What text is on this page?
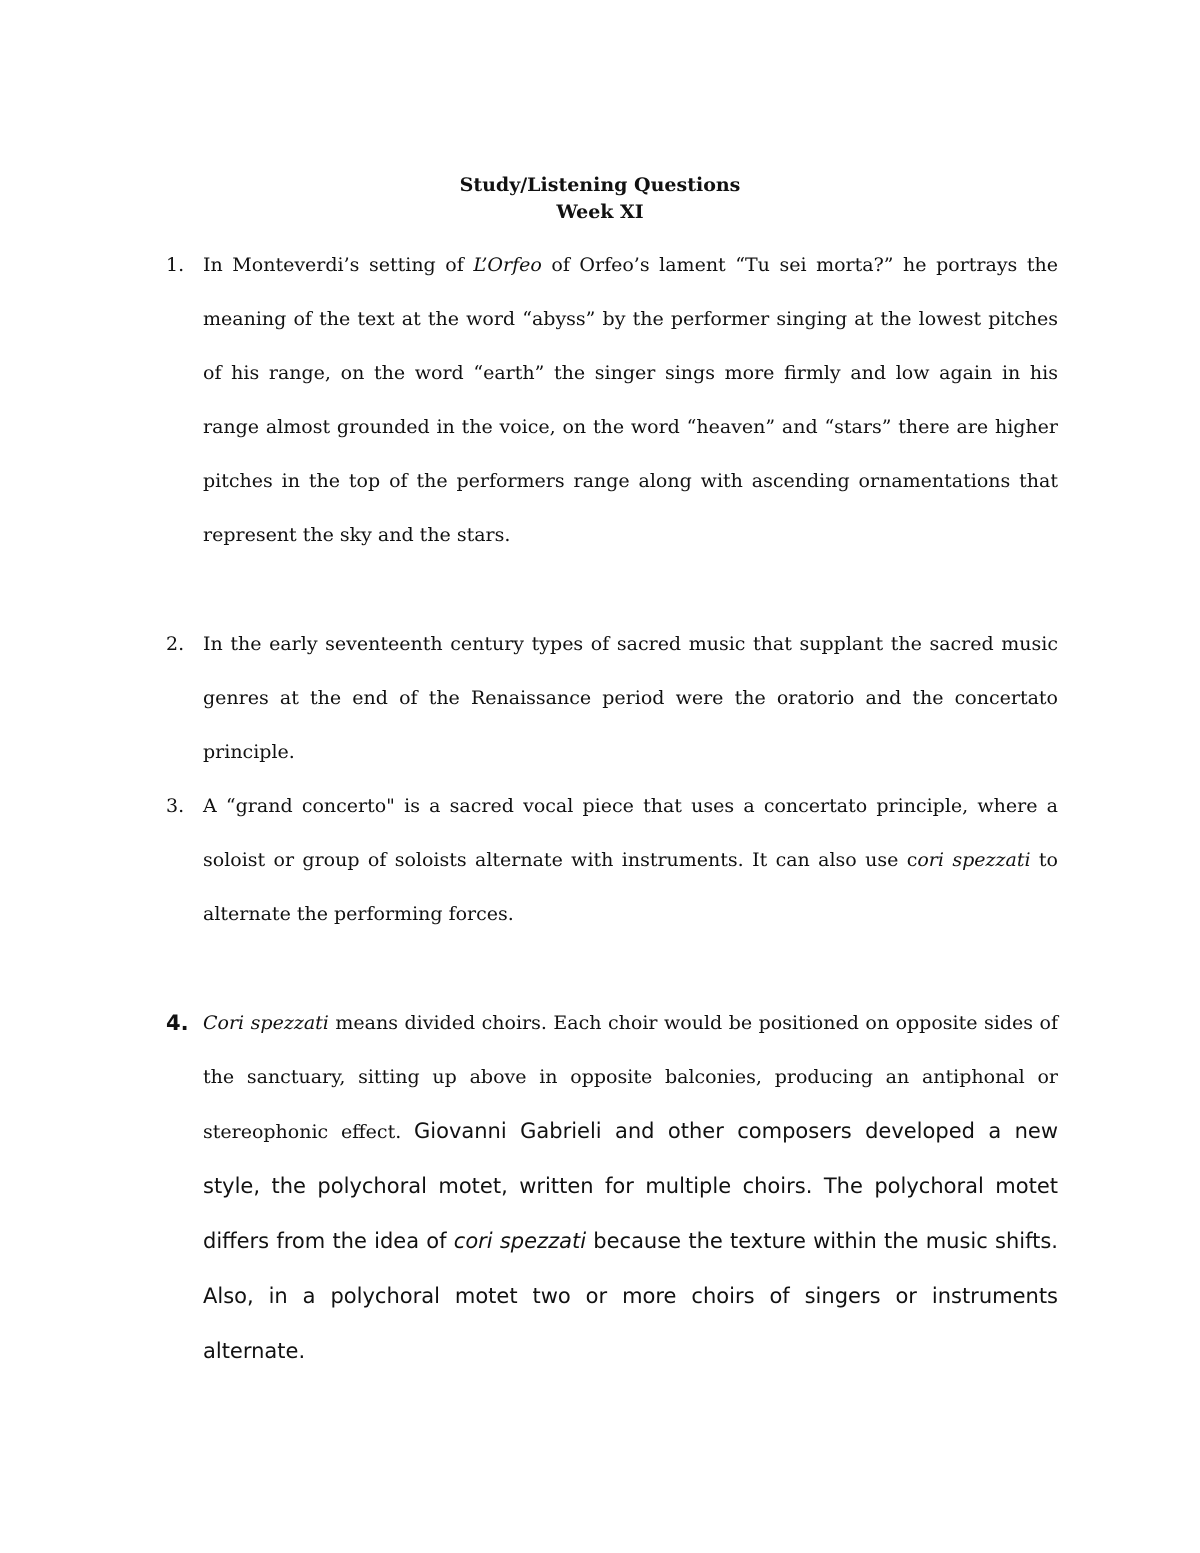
Study/Listening Questions
Week XI
1. In Monteverdi’s setting of L’Orfeo of Orfeo’s lament “Tu sei morta?” he portrays the meaning of the text at the word “abyss” by the performer singing at the lowest pitches of his range, on the word “earth” the singer sings more firmly and low again in his range almost grounded in the voice, on the word “heaven” and “stars” there are higher pitches in the top of the performers range along with ascending ornamentations that represent the sky and the stars.
2. In the early seventeenth century types of sacred music that supplant the sacred music genres at the end of the Renaissance period were the oratorio and the concertato principle.
3. A “grand concerto" is a sacred vocal piece that uses a concertato principle, where a soloist or group of soloists alternate with instruments. It can also use cori spezzati to alternate the performing forces.
4. Cori spezzati means divided choirs. Each choir would be positioned on opposite sides of the sanctuary, sitting up above in opposite balconies, producing an antiphonal or stereophonic effect. Giovanni Gabrieli and other composers developed a new style, the polychoral motet, written for multiple choirs. The polychoral motet differs from the idea of cori spezzati because the texture within the music shifts. Also, in a polychoral motet two or more choirs of singers or instruments alternate.
